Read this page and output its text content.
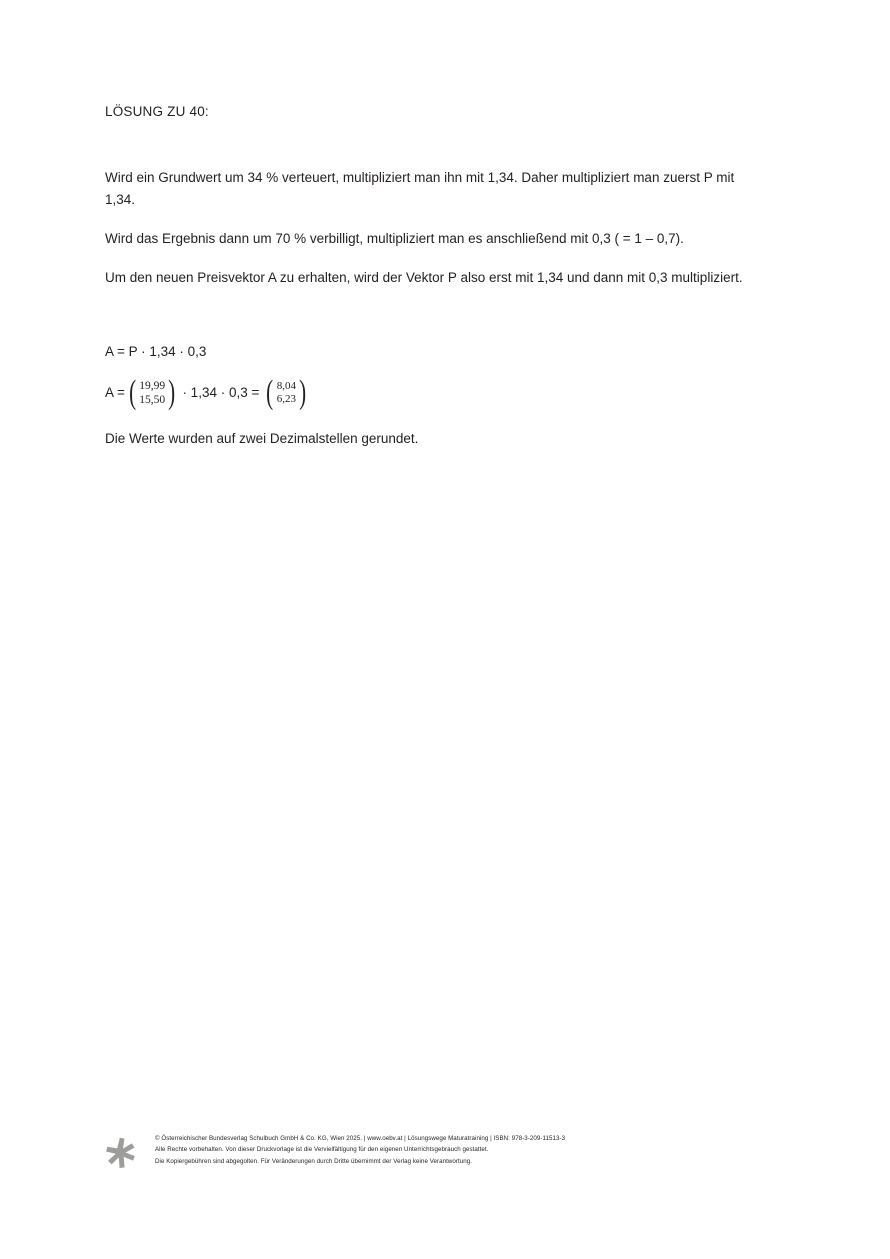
LÖSUNG ZU 40:

Wird ein Grundwert um 34 % verteuert, multipliziert man ihn mit 1,34. Daher multipliziert man zuerst P mit 1,34.

Wird das Ergebnis dann um 70 % verbilligt, multipliziert man es anschließend mit 0,3 ( = 1 – 0,7).

Um den neuen Preisvektor A zu erhalten, wird der Vektor P also erst mit 1,34 und dann mit 0,3 multipliziert.

A = P · 1,34 · 0,3
A = ( 19,99
15,50 ) · 1,34 · 0,3 = ( 8,04
6,23 )

Die Werte wurden auf zwei Dezimalstellen gerundet.

© Österreichischer Bundesverlag Schulbuch GmbH & Co. KG, Wien 2025. | www.oebv.at | Lösungswege Maturatraining | ISBN: 978-3-209-11513-3
Alle Rechte vorbehalten. Von dieser Druckvorlage ist die Vervielfältigung für den eigenen Unterrichtsgebrauch gestattet.
Die Kopiergebühren sind abgegolten. Für Veränderungen durch Dritte übernimmt der Verlag keine Verantwortung.
